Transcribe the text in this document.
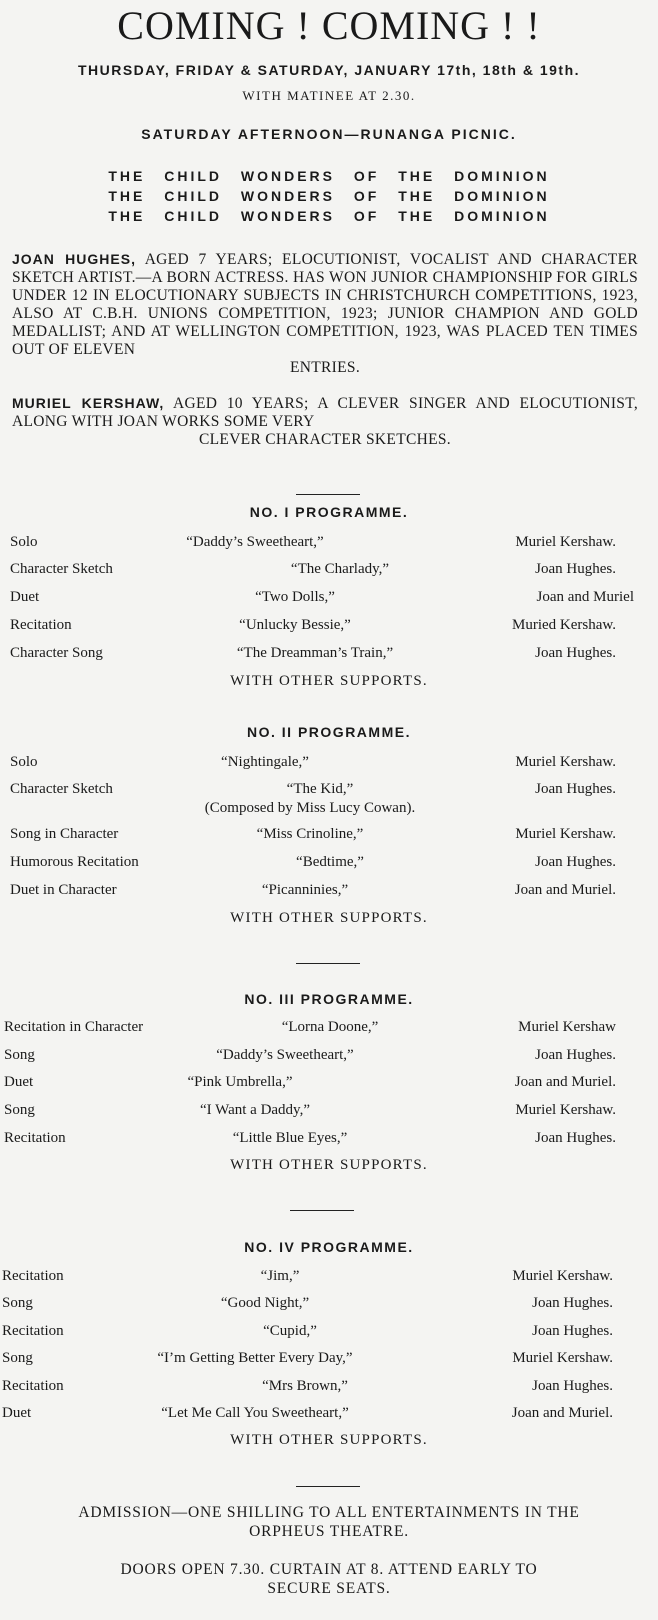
COMING ! COMING ! !
THURSDAY, FRIDAY & SATURDAY, JANUARY 17th, 18th & 19th.
WITH MATINEE AT 2.30.
SATURDAY AFTERNOON—RUNANGA PICNIC.
THE CHILD WONDERS OF THE DOMINION
THE CHILD WONDERS OF THE DOMINION
THE CHILD WONDERS OF THE DOMINION
JOAN HUGHES, AGED 7 YEARS; ELOCUTIONIST, VOCALIST AND CHARACTER SKETCH ARTIST.—A BORN ACTRESS. HAS WON JUNIOR CHAMPIONSHIP FOR GIRLS UNDER 12 IN ELOCUTIONARY SUBJECTS IN CHRISTCHURCH COMPETITIONS, 1923, ALSO AT C.B.H. UNIONS COMPETITION, 1923; JUNIOR CHAMPION AND GOLD MEDALLIST; AND AT WELLINGTON COMPETITION, 1923, WAS PLACED TEN TIMES OUT OF ELEVEN
ENTRIES.
MURIEL KERSHAW, AGED 10 YEARS; A CLEVER SINGER AND ELOCUTIONIST, ALONG WITH JOAN WORKS SOME VERY
CLEVER CHARACTER SKETCHES.
NO. I PROGRAMME.
Solo	“Daddy’s Sweetheart,”	Muriel Kershaw.
Character Sketch	“The Charlady,”	Joan Hughes.
Duet	“Two Dolls,”	Joan and Muriel
Recitation	“Unlucky Bessie,”	Muried Kershaw.
Character Song	“The Dreamman’s Train,”	Joan Hughes.
WITH OTHER SUPPORTS.
NO. II PROGRAMME.
Solo	“Nightingale,”	Muriel Kershaw.
Character Sketch	“The Kid,”	Joan Hughes.
(Composed by Miss Lucy Cowan).
Song in Character	“Miss Crinoline,”	Muriel Kershaw.
Humorous Recitation	“Bedtime,”	Joan Hughes.
Duet in Character	“Picanninies,”	Joan and Muriel.
WITH OTHER SUPPORTS.
NO. III PROGRAMME.
Recitation in Character	“Lorna Doone,”	Muriel Kershaw
Song	“Daddy’s Sweetheart,”	Joan Hughes.
Duet	“Pink Umbrella,”	Joan and Muriel.
Song	“I Want a Daddy,”	Muriel Kershaw.
Recitation	“Little Blue Eyes,”	Joan Hughes.
WITH OTHER SUPPORTS.
NO. IV PROGRAMME.
Recitation	“Jim,”	Muriel Kershaw.
Song	“Good Night,”	Joan Hughes.
Recitation	“Cupid,”	Joan Hughes.
Song	“I’m Getting Better Every Day,”	Muriel Kershaw.
Recitation	“Mrs Brown,”	Joan Hughes.
Duet	“Let Me Call You Sweetheart,”	Joan and Muriel.
WITH OTHER SUPPORTS.
ADMISSION—ONE SHILLING TO ALL ENTERTAINMENTS IN THE
ORPHEUS THEATRE.
DOORS OPEN 7.30. CURTAIN AT 8. ATTEND EARLY TO
SECURE SEATS.
